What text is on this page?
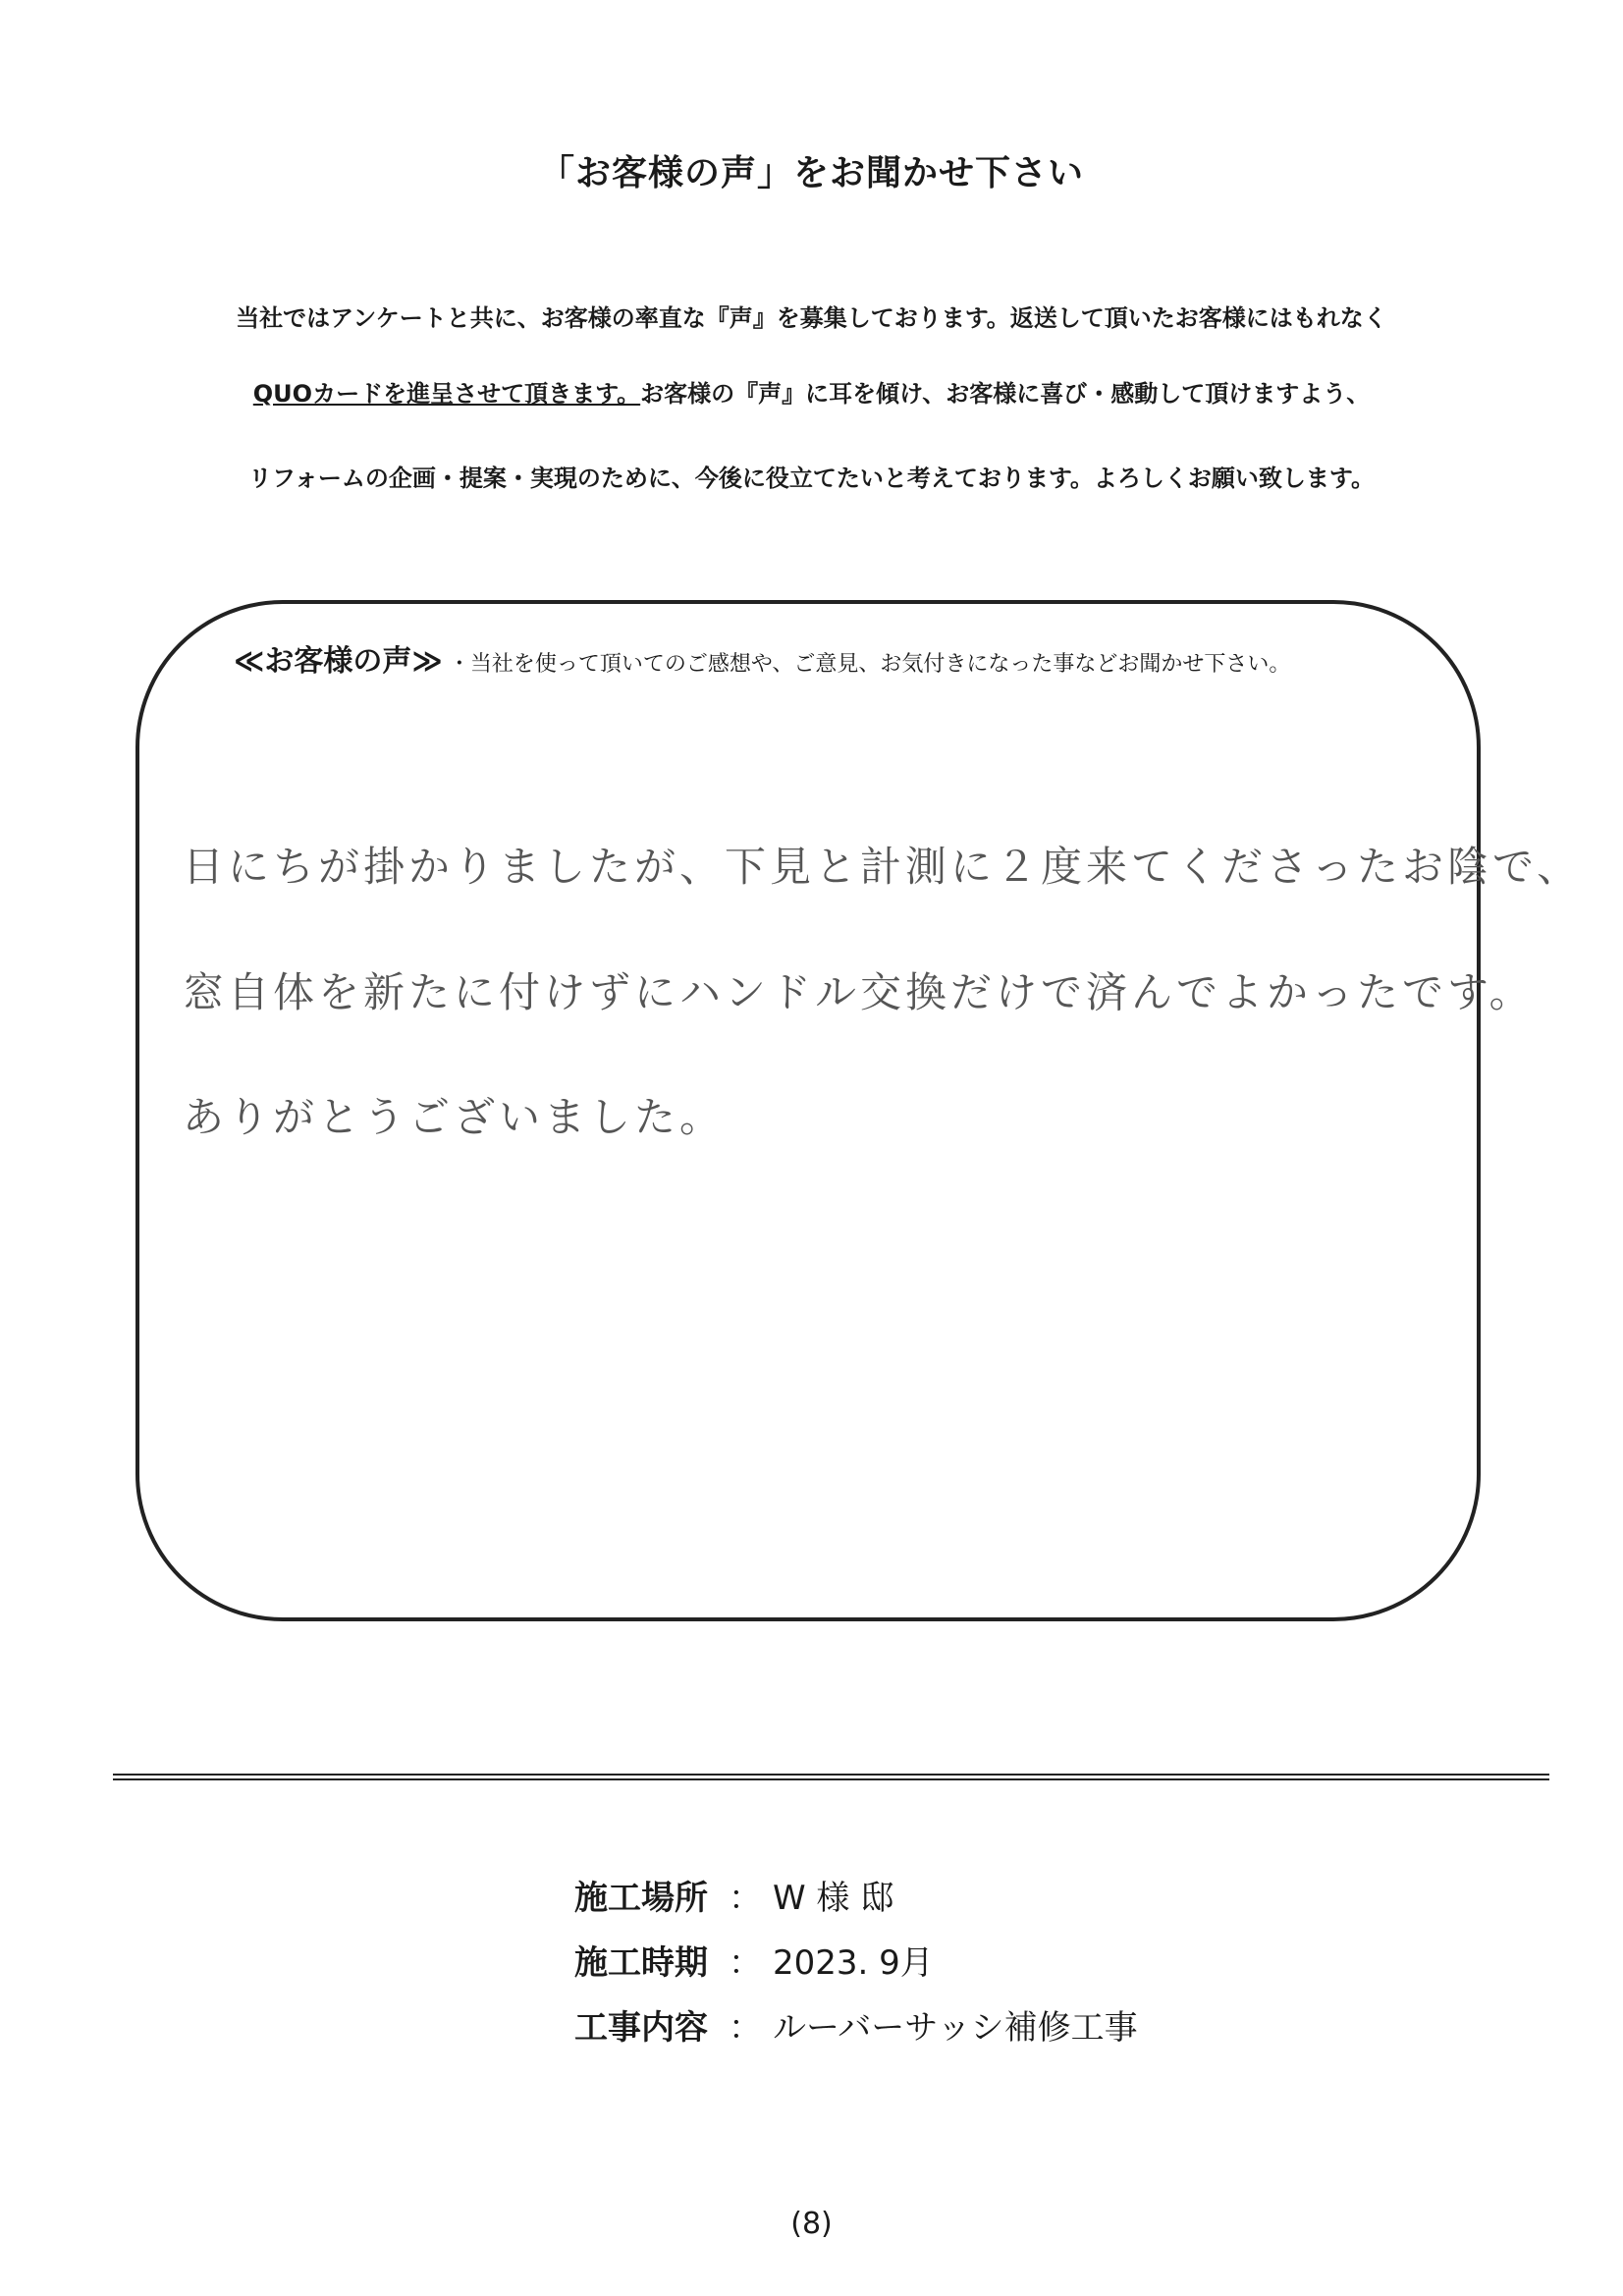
「お客様の声」をお聞かせ下さい
当社ではアンケートと共に、お客様の率直な『声』を募集しております。返送して頂いたお客様にはもれなく
QUOカードを進呈させて頂きます。お客様の『声』に耳を傾け、お客様に喜び・感動して頂けますよう、
リフォームの企画・提案・実現のために、今後に役立てたいと考えております。よろしくお願い致します。
≪お客様の声≫ ・当社を使って頂いてのご感想や、ご意見、お気付きになった事などお聞かせ下さい。
日にちが掛かりましたが、下見と計測に２度来てくださったお陰で、
窓自体を新たに付けずにハンドル交換だけで済んでよかったです。
ありがとうございました。
施工場所 ： W 様 邸
施工時期 ： 2023. 9月
工事内容 ： ルーバーサッシ補修工事
(8)
